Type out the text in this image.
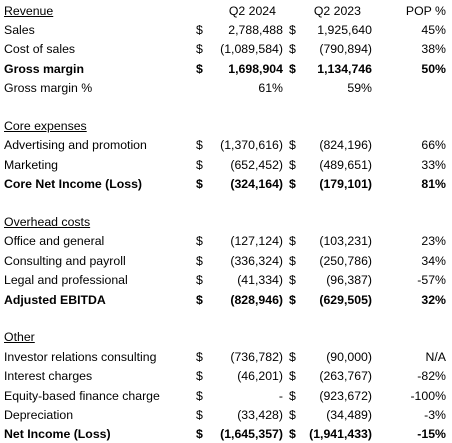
Revenue	Q2 2024	Q2 2023	POP %
Sales	$	2,788,488 $	1,925,640	45%
Cost of sales	$	(1,089,584) $	(790,894)	38%
Gross margin	$	1,698,904 $	1,134,746	50%
Gross margin %	61%	59%
Core expenses
Advertising and promotion	$	(1,370,616) $	(824,196)	66%
Marketing	$	(652,452) $	(489,651)	33%
Core Net Income (Loss)	$	(324,164) $	(179,101)	81%
Overhead costs
Office and general	$	(127,124) $	(103,231)	23%
Consulting and payroll	$	(336,324) $	(250,786)	34%
Legal and professional	$	(41,334) $	(96,387)	-57%
Adjusted EBITDA	$	(828,946) $	(629,505)	32%
Other
Investor relations consulting	$	(736,782) $	(90,000)	N/A
Interest charges	$	(46,201) $	(263,767)	-82%
Equity-based finance charge	$	- $	(923,672)	-100%
Depreciation	$	(33,428) $	(34,489)	-3%
Net Income (Loss)	$	(1,645,357) $	(1,941,433)	-15%
